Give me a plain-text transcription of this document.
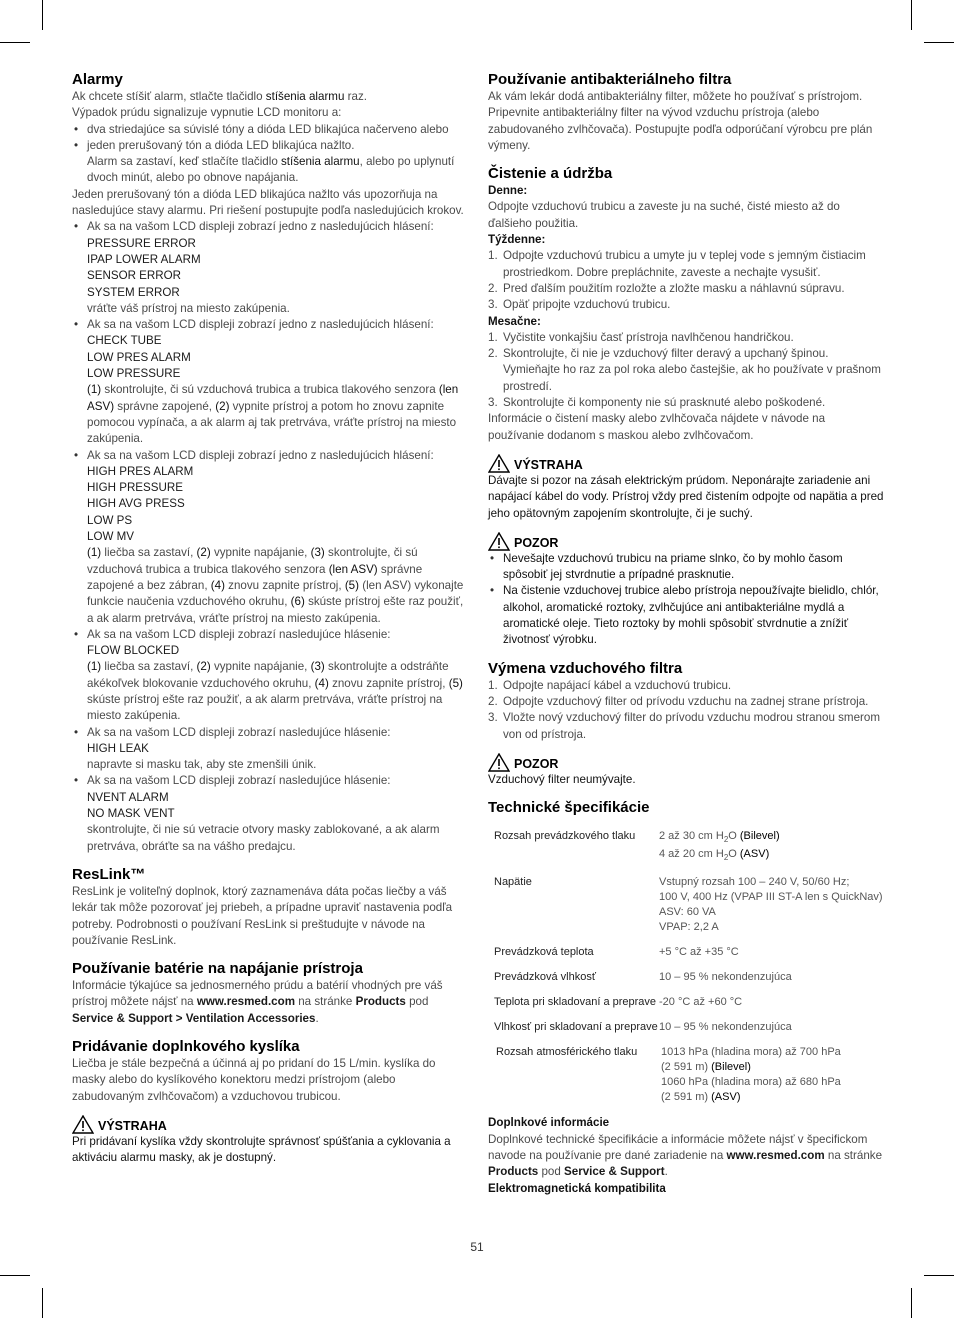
Alarmy

Ak chcete stíšiť alarm, stlačte tlačidlo stíšenia alarmu raz.

Výpadok prúdu signalizuje vypnutie LCD monitoru a:

• dva striedajúce sa súvislé tóny a dióda LED blikajúca načerveno alebo
• jeden prerušovaný tón a dióda LED blikajúca nažlto.

Alarm sa zastaví, keď stlačíte tlačidlo stíšenia alarmu, alebo po uplynutí dvoch minút, alebo po obnove napájania.

Jeden prerušovaný tón a dióda LED blikajúca nažlto vás upozorňuja na nasledujúce stavy alarmu. Pri riešení postupujte podľa nasledujúcich krokov.

• Ak sa na vašom LCD displeji zobrazí jedno z nasledujúcich hlásení:
PRESSURE ERROR
IPAP LOWER ALARM
SENSOR ERROR
SYSTEM ERROR
vráťte váš prístroj na miesto zakúpenia.
• Ak sa na vašom LCD displeji zobrazí jedno z nasledujúcich hlásení:
CHECK TUBE
LOW PRES ALARM
LOW PRESSURE
(1) skontrolujte, či sú vzduchová trubica a trubica tlakového senzora (len ASV) správne zapojené, (2) vypnite prístroj a potom ho znovu zapnite pomocou vypínača, a ak alarm aj tak pretrváva, vráťte prístroj na miesto zakúpenia.
• Ak sa na vašom LCD displeji zobrazí jedno z nasledujúcich hlásení:
HIGH PRES ALARM
HIGH PRESSURE
HIGH AVG PRESS
LOW PS
LOW MV
(1) liečba sa zastaví, (2) vypnite napájanie, (3) skontrolujte, či sú vzduchová trubica a trubica tlakového senzora (len ASV) správne zapojené a bez zábran, (4) znovu zapnite prístroj, (5) (len ASV) vykonajte funkcie naučenia vzduchového okruhu, (6) skúste prístroj ešte raz použiť, a ak alarm pretrváva, vráťte prístroj na miesto zakúpenia.
• Ak sa na vašom LCD displeji zobrazí nasledujúce hlásenie:
FLOW BLOCKED
(1) liečba sa zastaví, (2) vypnite napájanie, (3) skontrolujte a odstráňte akékoľvek blokovanie vzduchového okruhu, (4) znovu zapnite prístroj, (5) skúste prístroj ešte raz použiť, a ak alarm pretrváva, vráťte prístroj na miesto zakúpenia.
• Ak sa na vašom LCD displeji zobrazí nasledujúce hlásenie:
HIGH LEAK
napravte si masku tak, aby ste zmenšili únik.
• Ak sa na vašom LCD displeji zobrazí nasledujúce hlásenie:
NVENT ALARM
NO MASK VENT
skontrolujte, či nie sú vetracie otvory masky zablokované, a ak alarm pretrváva, obráťte sa na vášho predajcu.
ResLink™

ResLink je voliteľný doplnok, ktorý zaznamenáva dáta počas liečby a váš lekár tak môže pozorovať jej priebeh, a prípadne upraviť nastavenia podľa potreby. Podrobnosti o používaní ResLink si preštudujte v návode na používanie ResLink.

Používanie batérie na napájanie prístroja

Informácie týkajúce sa jednosmerného prúdu a batérií vhodných pre váš prístroj môžete nájsť na www.resmed.com na stránke Products pod Service & Support > Ventilation Accessories.

Pridávanie doplnkového kyslíka

Liečba je stále bezpečná a účinná aj po pridaní do 15 L/min. kyslíka do masky alebo do kyslíkového konektoru medzi prístrojom (alebo zabudovaným zvlhčovačom) a vzduchovou trubicou.

VÝSTRAHA

Pri pridávaní kyslíka vždy skontrolujte správnosť spúšťania a cyklovania a aktiváciu alarmu masky, ak je dostupný.

Používanie antibakteriálneho filtra

Ak vám lekár dodá antibakteriálny filter, môžete ho používať s prístrojom. Pripevnite antibakteriálny filter na vývod vzduchu prístroja (alebo zabudovaného zvlhčovača). Postupujte podľa odporúčaní výrobcu pre plán výmeny.

Čistenie a údržba
Denne:

Odpojte vzduchovú trubicu a zaveste ju na suché, čisté miesto až do ďalšieho použitia.

Týždenne:
1. Odpojte vzduchovú trubicu a umyte ju v teplej vode s jemným čistiacim prostriedkom. Dobre prepláchnite, zaveste a nechajte vysušiť.
2. Pred ďalším použitím rozložte a zložte masku a náhlavnú súpravu.
3. Opäť pripojte vzduchovú trubicu.
Mesačne:
1. Vyčistite vonkajšiu časť prístroja navlhčenou handričkou.
2. Skontrolujte, či nie je vzduchový filter deravý a upchaný špinou. Vymieňajte ho raz za pol roka alebo častejšie, ak ho používate v prašnom prostredí.
3. Skontrolujte či komponenty nie sú prasknuté alebo poškodené.

Informácie o čistení masky alebo zvlhčovača nájdete v návode na používanie dodanom s maskou alebo zvlhčovačom.

VÝSTRAHA

Dávajte si pozor na zásah elektrickým prúdom. Neponárajte zariadenie ani napájací kábel do vody. Prístroj vždy pred čistením odpojte od napätia a pred jeho opätovným zapojením skontrolujte, či je suchý.

POZOR
• Nevešajte vzduchovú trubicu na priame slnko, čo by mohlo časom spôsobiť jej stvrdnutie a prípadné prasknutie.
• Na čistenie vzduchovej trubice alebo prístroja nepoužívajte bielidlo, chlór, alkohol, aromatické roztoky, zvlhčujúce ani antibakteriálne mydlá a aromatické oleje. Tieto roztoky by mohli spôsobiť stvrdnutie a znížiť životnosť výrobku.
Výmena vzduchového filtra
1. Odpojte napájací kábel a vzduchovú trubicu.
2. Odpojte vzduchový filter od prívodu vzduchu na zadnej strane prístroja.
3. Vložte nový vzduchový filter do prívodu vzduchu modrou stranou smerom von od prístroja.
POZOR

Vzduchový filter neumývajte.

Technické špecifikácie
Rozsah prevádzkového tlaku	2 až 30 cm $H_2O$ (Bilevel)
4 až 20 cm $H_2O$ (ASV)
Napätie	Vstupný rozsah 100 – 240 V, 50/60 Hz;
100 V, 400 Hz (VPAP III ST-A len s QuickNav)
ASV: 60 VA
VPAP: 2,2 A
Prevádzková teplota	+5 °C až +35 °C
Prevádzková vlhkosť	10 – 95 % nekondenzujúca
Teplota pri skladovaní a preprave -20 °C až +60 °C
Vlhkosť pri skladovaní a preprave 10 – 95 % nekondenzujúca
Rozsah atmosférického tlaku	1013 hPa (hladina mora) až 700 hPa
(2 591 m) (Bilevel)
1060 hPa (hladina mora) až 680 hPa
(2 591 m) (ASV)
Doplnkové informácie

Doplnkové technické špecifikácie a informácie môžete nájsť v špecifickom navode na používanie pre dané zariadenie na www.resmed.com na stránke Products pod Service & Support.

Elektromagnetická kompatibilita
51
